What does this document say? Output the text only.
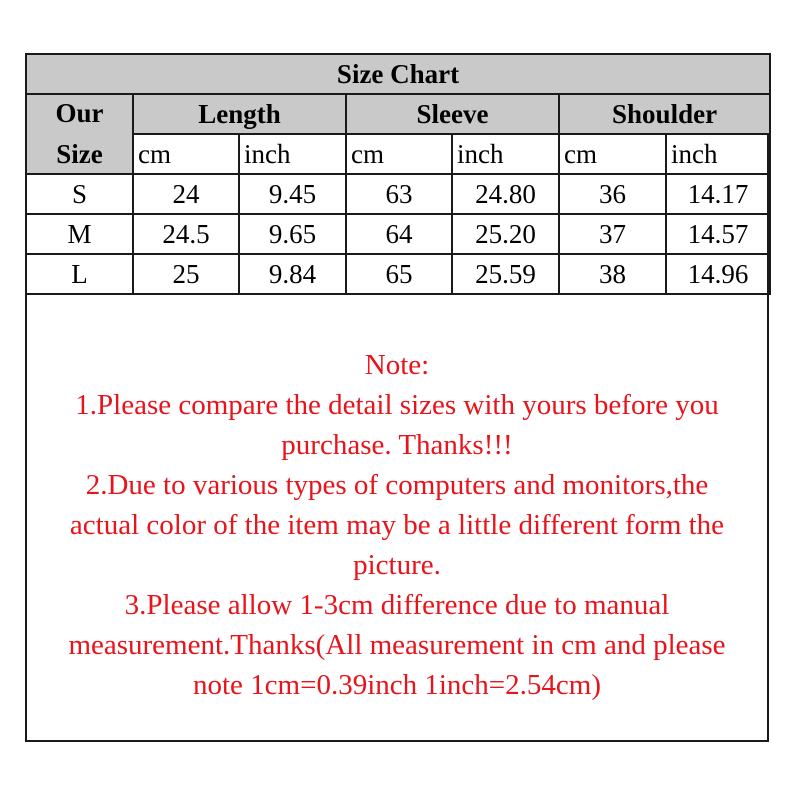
Size Chart						

Our
Size	Length		Sleeve		Shoulder	
	cm	inch	cm	inch	cm	inch
S	24	9.45	63	24.80	36	14.17
M	24.5	9.65	64	25.20	37	14.57
L	25	9.84	65	25.59	38	14.96
Note:
1.Please compare the detail sizes with yours before you
purchase. Thanks!!!
2.Due to various types of computers and monitors,the
actual color of the item may be a little different form the
picture.
3.Please allow 1-3cm difference due to manual
measurement.Thanks(All measurement in cm and please
note 1cm=0.39inch 1inch=2.54cm)
